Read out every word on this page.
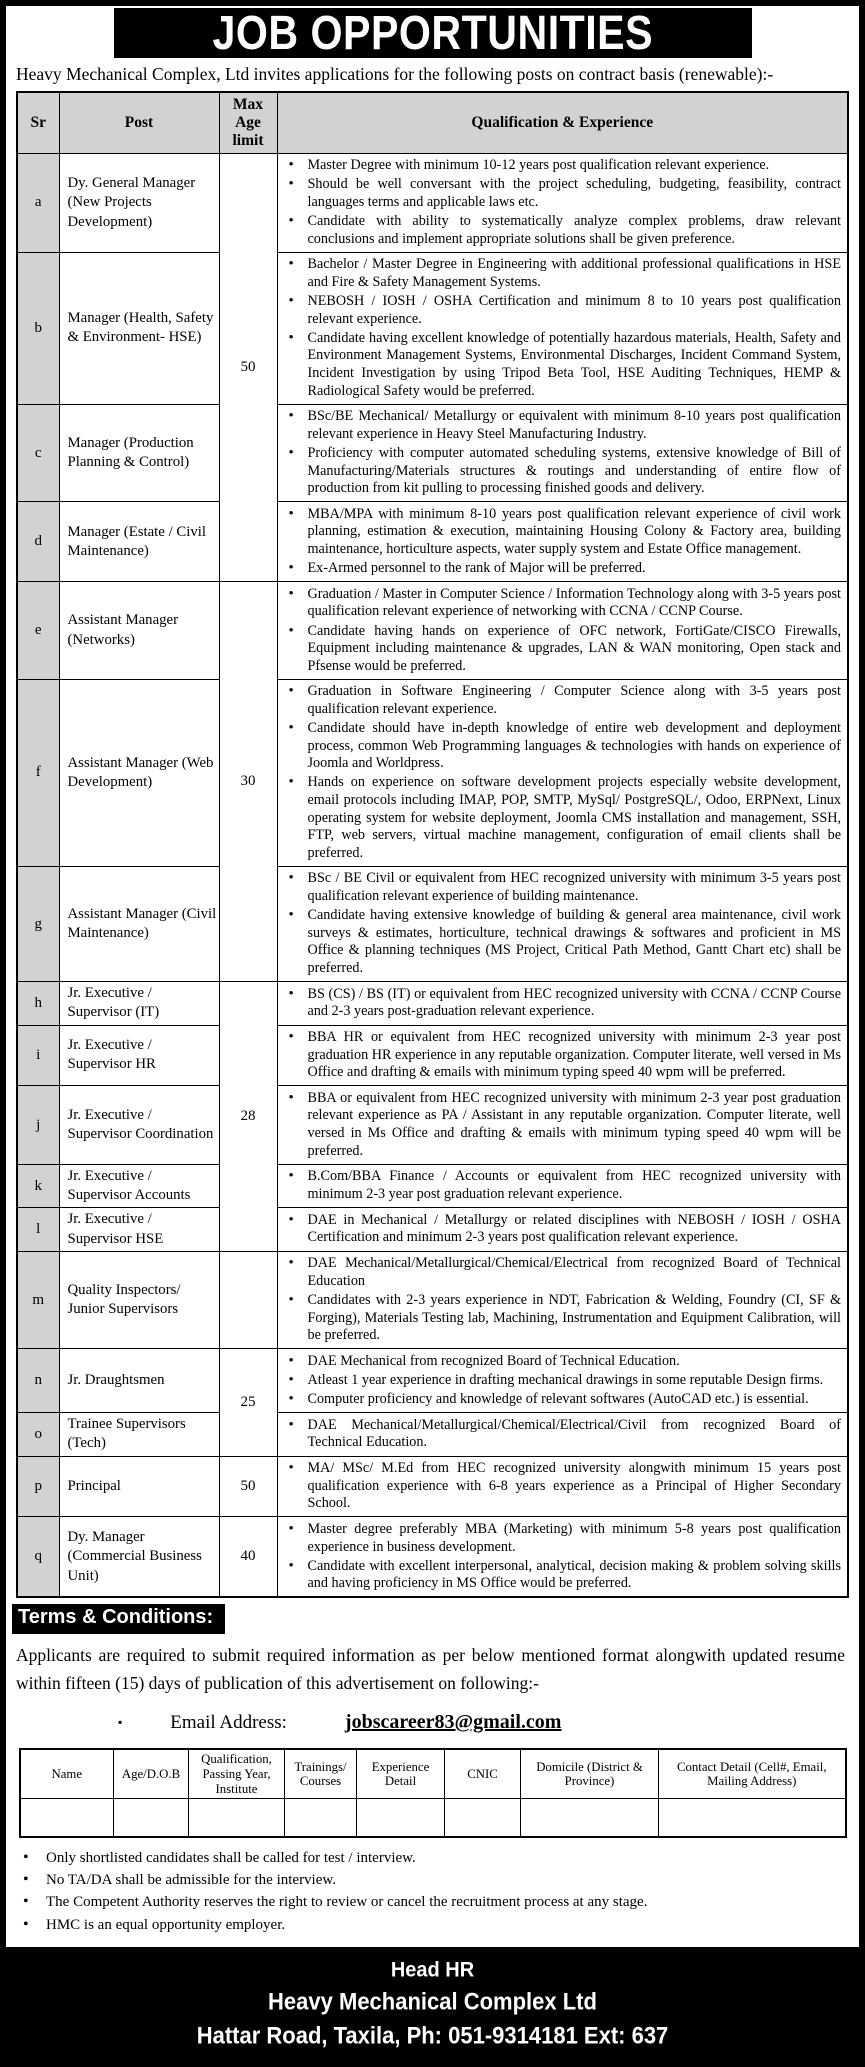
JOB OPPORTUNITIES

Heavy Mechanical Complex, Ltd invites applications for the following posts on contract basis (renewable):-

Sr	Post	Max Age limit	Qualification & Experience
a	Dy. General Manager (New Projects Development)	50	
• Master Degree with minimum 10-12 years post qualification relevant experience.
• Should be well conversant with the project scheduling, budgeting, feasibility, contract languages terms and applicable laws etc.
• Candidate with ability to systematically analyze complex problems, draw relevant conclusions and implement appropriate solutions shall be given preference.

b	Manager (Health, Safety & Environment- HSE)	
• Bachelor / Master Degree in Engineering with additional professional qualifications in HSE and Fire & Safety Management Systems.
• NEBOSH / IOSH / OSHA Certification and minimum 8 to 10 years post qualification relevant experience.
• Candidate having excellent knowledge of potentially hazardous materials, Health, Safety and Environment Management Systems, Environmental Discharges, Incident Command System, Incident Investigation by using Tripod Beta Tool, HSE Auditing Techniques, HEMP & Radiological Safety would be preferred.

c	Manager (Production Planning & Control)	
• BSc/BE Mechanical/ Metallurgy or equivalent with minimum 8-10 years post qualification relevant experience in Heavy Steel Manufacturing Industry.
• Proficiency with computer automated scheduling systems, extensive knowledge of Bill of Manufacturing/Materials structures & routings and understanding of entire flow of production from kit pulling to processing finished goods and delivery.

d	Manager (Estate / Civil Maintenance)	
• MBA/MPA with minimum 8-10 years post qualification relevant experience of civil work planning, estimation & execution, maintaining Housing Colony & Factory area, building maintenance, horticulture aspects, water supply system and Estate Office management.
• Ex-Armed personnel to the rank of Major will be preferred.

e	Assistant Manager (Networks)	30	
• Graduation / Master in Computer Science / Information Technology along with 3-5 years post qualification relevant experience of networking with CCNA / CCNP Course.
• Candidate having hands on experience of OFC network, FortiGate/CISCO Firewalls, Equipment including maintenance & upgrades, LAN & WAN monitoring, Open stack and Pfsense would be preferred.

f	Assistant Manager (Web Development)	
• Graduation in Software Engineering / Computer Science along with 3-5 years post qualification relevant experience.
• Candidate should have in-depth knowledge of entire web development and deployment process, common Web Programming languages & technologies with hands on experience of Joomla and Worldpress.
• Hands on experience on software development projects especially website development, email protocols including IMAP, POP, SMTP, MySql/ PostgreSQL/, Odoo, ERPNext, Linux operating system for website deployment, Joomla CMS installation and management, SSH, FTP, web servers, virtual machine management, configuration of email clients shall be preferred.

g	Assistant Manager (Civil Maintenance)	
• BSc / BE Civil or equivalent from HEC recognized university with minimum 3-5 years post qualification relevant experience of building maintenance.
• Candidate having extensive knowledge of building & general area maintenance, civil work surveys & estimates, horticulture, technical drawings & softwares and proficient in MS Office & planning techniques (MS Project, Critical Path Method, Gantt Chart etc) shall be preferred.

h	Jr. Executive / Supervisor (IT)	28	
• BS (CS) / BS (IT) or equivalent from HEC recognized university with CCNA / CCNP Course and 2-3 years post-graduation relevant experience.

i	Jr. Executive / Supervisor HR	
• BBA HR or equivalent from HEC recognized university with minimum 2-3 year post graduation HR experience in any reputable organization. Computer literate, well versed in Ms Office and drafting & emails with minimum typing speed 40 wpm will be preferred.

j	Jr. Executive / Supervisor Coordination	
• BBA or equivalent from HEC recognized university with minimum 2-3 year post graduation relevant experience as PA / Assistant in any reputable organization. Computer literate, well versed in Ms Office and drafting & emails with minimum typing speed 40 wpm will be preferred.

k	Jr. Executive / Supervisor Accounts	
• B.Com/BBA Finance / Accounts or equivalent from HEC recognized university with minimum 2-3 year post graduation relevant experience.

l	Jr. Executive / Supervisor HSE	
• DAE in Mechanical / Metallurgy or related disciplines with NEBOSH / IOSH / OSHA Certification and minimum 2-3 years post qualification relevant experience.

m	Quality Inspectors/ Junior Supervisors		
• DAE Mechanical/Metallurgical/Chemical/Electrical from recognized Board of Technical Education
• Candidates with 2-3 years experience in NDT, Fabrication & Welding, Foundry (CI, SF & Forging), Materials Testing lab, Machining, Instrumentation and Equipment Calibration, will be preferred.

n	Jr. Draughtsmen	25	
• DAE Mechanical from recognized Board of Technical Education.
• Atleast 1 year experience in drafting mechanical drawings in some reputable Design firms.
• Computer proficiency and knowledge of relevant softwares (AutoCAD etc.) is essential.

o	Trainee Supervisors (Tech)	
• DAE Mechanical/Metallurgical/Chemical/Electrical/Civil from recognized Board of Technical Education.

p	Principal	50	
• MA/ MSc/ M.Ed from HEC recognized university alongwith minimum 15 years post qualification experience with 6-8 years experience as a Principal of Higher Secondary School.

q	Dy. Manager (Commercial Business Unit)	40	
• Master degree preferably MBA (Marketing) with minimum 5-8 years post qualification experience in business development.
• Candidate with excellent interpersonal, analytical, decision making & problem solving skills and having proficiency in MS Office would be preferred.
Terms & Conditions:

Applicants are required to submit required information as per below mentioned format alongwith updated resume within fifteen (15) days of publication of this advertisement on following:-

▪	Email Address:	jobscareer83@gmail.com
Name	Age/D.O.B	Qualification, Passing Year, Institute	Trainings/ Courses	Experience Detail	CNIC	Domicile (District & Province)	Contact Detail (Cell#, Email, Mailing Address)

• Only shortlisted candidates shall be called for test / interview.
• No TA/DA shall be admissible for the interview.
• The Competent Authority reserves the right to review or cancel the recruitment process at any stage.
• HMC is an equal opportunity employer.
Head HR
Heavy Mechanical Complex Ltd
Hattar Road, Taxila, Ph: 051-9314181 Ext: 637
